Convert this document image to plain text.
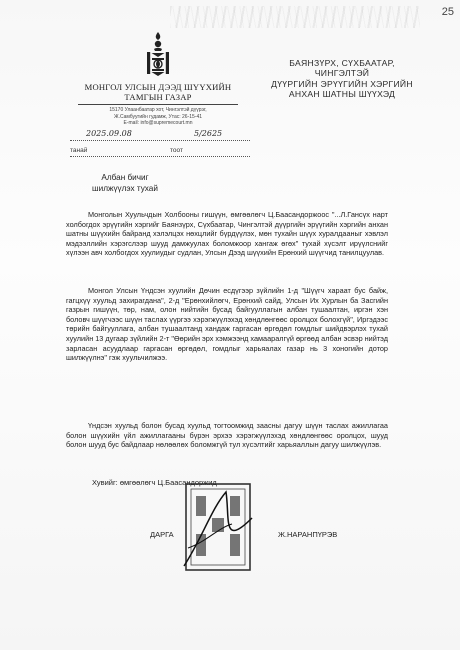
25
МОНГОЛ УЛСЫН ДЭЭД ШҮҮХИЙН
ТАМГЫН ГАЗАР
15170 Улаанбаатар хот, Чингэлтэй дүүрэг,
Ж.Самбуугийн гудамж, Утас: 26-15-41
E-mail: info@supremecourt.mn
2025.09.08	5/2625
танай	тоот
БАЯНЗҮРХ, СҮХБААТАР, ЧИНГЭЛТЭЙ
ДҮҮРГИЙН ЭРҮҮГИЙН ХЭРГИЙН
АНХАН ШАТНЫ ШҮҮХЭД
Албан бичиг
шилжүүлэх тухай

Монголын Хуульчдын Холбооны гишүүн, өмгөөлөгч Ц.Баасандоржоос "...Л.Гансүх нарт холбогдох эрүүгийн хэргийг Баянзүрх, Сүхбаатар, Чингэлтэй дүүргийн эрүүгийн хэргийн анхан шатны шүүхийн байранд хэлэлцэх нөхцлийг бүрдүүлэх, мөн тухайн шүүх хуралдааныг хэвлэл мэдээллийн хэрэгслээр шууд дамжуулах боломжоор хангаж өгөх" тухай хүсэлт ирүүлснийг хүлээн авч холбогдох хуулиудыг судлан, Улсын Дээд шүүхийн Ерөнхий шүүгчид танилцуулав.

Монгол Улсын Үндсэн хуулийн Дөчин есдүгээр зүйлийн 1-д "Шүүгч хараат бус байж, гагцхүү хуульд захирагдана", 2-д "Ерөнхийлөгч, Ерөнхий сайд, Улсын Их Хурлын ба Засгийн газрын гишүүн, төр, нам, олон нийтийн бусад байгууллагын албан тушаалтан, иргэн хэн боловч шүүгчээс шүүн таслах үүргээ хэрэгжүүлэхэд хөндлөнгөөс оролцох болохгүй", Иргэдээс төрийн байгууллага, албан тушаалтанд хандаж гаргасан өргөдөл гомдлыг шийдвэрлэх тухай хуулийн 13 дугаар зүйлийн 2-т "Өөрийн эрх хэмжээнд хамааралгүй өргөөд албан эсвэр нийтэд зарласан асуудлаар гаргасан өргөдөл, гомдлыг харьяалах газар нь 3 хоногийн дотор шилжүүлнэ" гэж хуульчилжээ.

Үндсэн хуульд болон бусад хуульд тогтоомжид заасны дагуу шүүн таслах ажиллагаа болон шүүхийн үйл ажиллагааны бүрэн эрхээ хэрэгжүүлэхэд хөндлөнгөөс оролцох, шууд болон шууд бус байдлаар нөлөөлөх боломжгүй тул хүсэлтийг харьяаллын дагуу шилжүүлэв.

Хувийг: өмгөөлөгч Ц.Баасандоржид
ДАРГА	Ж.НАРАНПҮРЭВ
